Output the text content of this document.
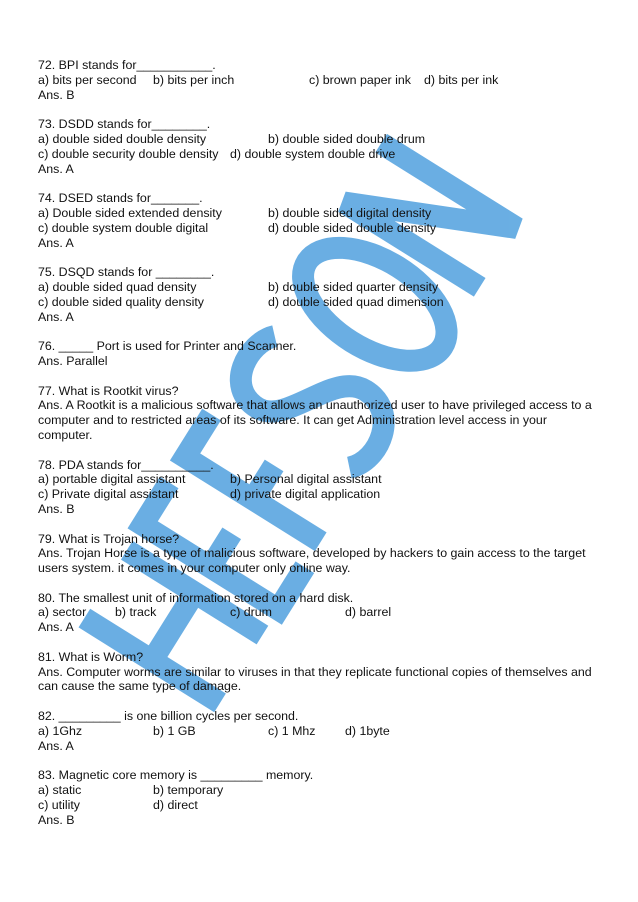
72. BPI stands for___________.
a) bits per second b) bits per inch	c) brown paper ink d) bits per ink
Ans. B
73. DSDD stands for________.
a) double sided double density	b) double sided double drum
c) double security double density d) double system double drive
Ans. A
74. DSED stands for_______.
a) Double sided extended density	b) double sided digital density
c) double system double digital	d) double sided double density
Ans. A
75. DSQD stands for ________.
a) double sided quad density	b) double sided quarter density
c) double sided quality density	d) double sided quad dimension
Ans. A
76. _____ Port is used for Printer and Scanner.
Ans. Parallel
77. What is Rootkit virus?
Ans. A Rootkit is a malicious software that allows an unauthorized user to have privileged access to a computer and to restricted areas of its software. It can get Administration level access in your computer.
78. PDA stands for__________.
a) portable digital assistant	b) Personal digital assistant
c) Private digital assistant	d) private digital application
Ans. B
79. What is Trojan horse?
Ans. Trojan Horse is a type of malicious software, developed by hackers to gain access to the target users system. it comes in your computer only online way.
80. The smallest unit of information stored on a hard disk.
a) sector b) track	c) drum	d) barrel
Ans. A
81. What is Worm?
Ans. Computer worms are similar to viruses in that they replicate functional copies of themselves and can cause the same type of damage.
82. _________ is one billion cycles per second.
a) 1Ghz	b) 1 GB	c) 1 Mhz d) 1byte
Ans. A
83. Magnetic core memory is _________ memory.
a) static	b) temporary
c) utility	d) direct
Ans. B
